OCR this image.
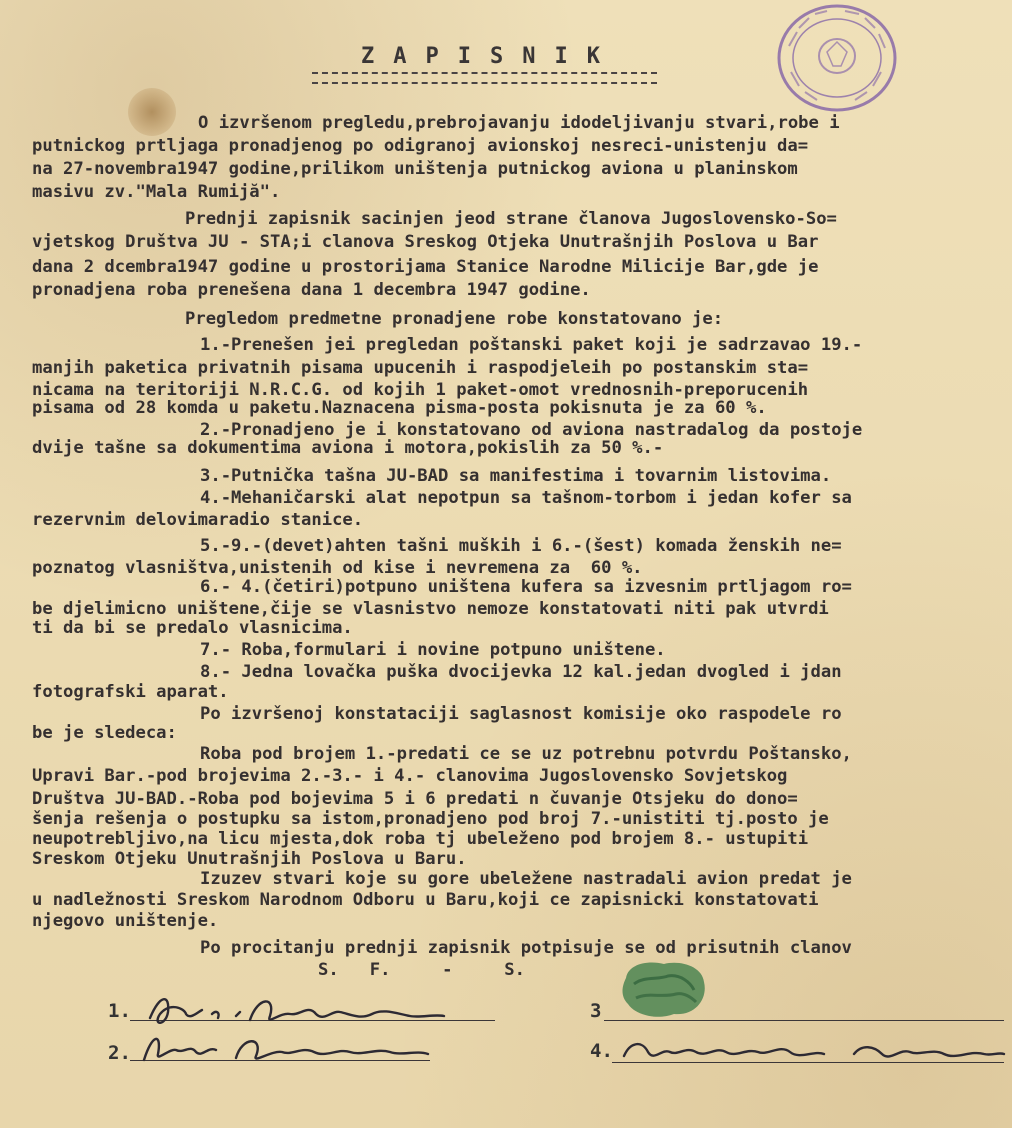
ZAPISNIK
O izvršenom pregledu,prebrojavanju idodeljivanju stvari,robe i
putnickog prtljaga pronadjenog po odigranoj avionskoj nesreci-unistenju da=
na 27-novembra1947 godine,prilikom uništenja putnickog aviona u planinskom
masivu zv."Mala Rumijă".
Prednji zapisnik sacinjen jeod strane članova Jugoslovensko-So=
vjetskog Društva JU - STA;i clanova Sreskog Otjeka Unutrašnjih Poslova u Bar
dana 2 dcembra1947 godine u prostorijama Stanice Narodne Milicije Bar,gde je
pronadjena roba prenešena dana 1 decembra 1947 godine.
Pregledom predmetne pronadjene robe konstatovano je:
1.-Prenešen jei pregledan poštanski paket koji je sadrzavao 19.-
manjih paketica privatnih pisama upucenih i raspodjeleih po postanskim sta=
nicama na teritoriji N.R.C.G. od kojih 1 paket-omot vrednosnih-preporucenih
pisama od 28 komda u paketu.Naznacena pisma-posta pokisnuta je za 60 %.
2.-Pronadjeno je i konstatovano od aviona nastradalog da postoje
dvije tašne sa dokumentima aviona i motora,pokislih za 50 %.-
3.-Putnička tašna JU-BAD sa manifestima i tovarnim listovima.
4.-Mehaničarski alat nepotpun sa tašnom-torbom i jedan kofer sa
rezervnim delovimaradio stanice.
5.-9.-(devet)ahten tašni muških i 6.-(šest) komada ženskih ne=
poznatog vlasništva,unistenih od kise i nevremena za  60 %.
6.- 4.(četiri)potpuno uništena kufera sa izvesnim prtljagom ro=
be djelimicno uništene,čije se vlasnistvo nemoze konstatovati niti pak utvrdi
ti da bi se predalo vlasnicima.
7.- Roba,formulari i novine potpuno uništene.
8.- Jedna lovačka puška dvocijevka 12 kal.jedan dvogled i jdan
fotografski aparat.
Po izvršenoj konstataciji saglasnost komisije oko raspodele ro
be je sledeca:
Roba pod brojem 1.-predati ce se uz potrebnu potvrdu Poštansko,
Upravi Bar.-pod brojevima 2.-3.- i 4.- clanovima Jugoslovensko Sovjetskog
Društva JU-BAD.-Roba pod bojevima 5 i 6 predati n čuvanje Otsjeku do dono=
šenja rešenja o postupku sa istom,pronadjeno pod broj 7.-unistiti tj.posto je
neupotrebljivo,na licu mjesta,dok roba tj ubeleženo pod brojem 8.- ustupiti
Sreskom Otjeku Unutrašnjih Poslova u Baru.
Izuzev stvari koje su gore ubeležene nastradali avion predat je
u nadležnosti Sreskom Narodnom Odboru u Baru,koji ce zapisnicki konstatovati
njegovo uništenje.
Po procitanju prednji zapisnik potpisuje se od prisutnih clanov
S.   F.     -     S.
1.
2.
3
4.
